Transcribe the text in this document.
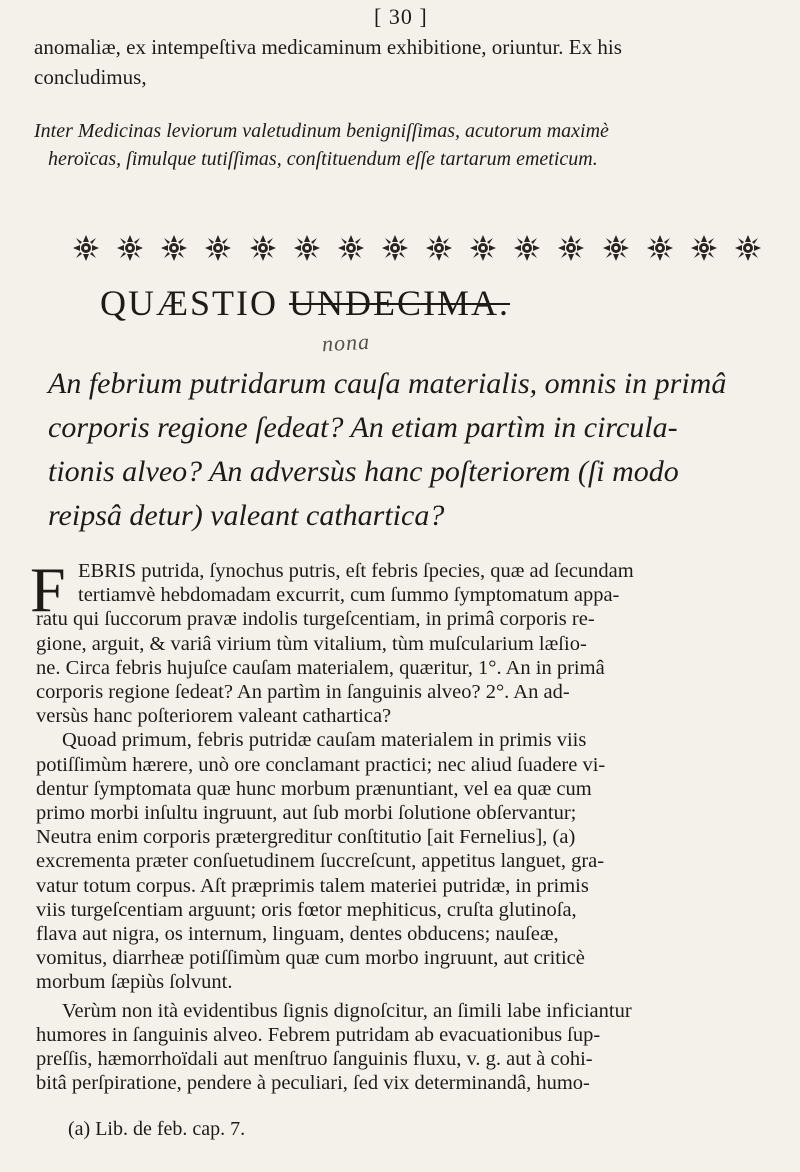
[ 30 ]
anomaliæ, ex intempeſtiva medicaminum exhibitione, oriuntur. Ex his
concludimus,
Inter Medicinas leviorum valetudinum benigniſſimas, acutorum maximè
heroïcas, ſimulque tutiſſimas, conſtituendum eſſe tartarum emeticum.
QUÆSTIO UNDECIMA.
nona
An febrium putridarum cauſa materialis, omnis in primâ
corporis regione ſedeat? An etiam partìm in circula-
tionis alveo? An adversùs hanc poſteriorem (ſi modo
reipsâ detur) valeant cathartica?
F EBRIS putrida, ſynochus putris, eſt febris ſpecies, quæ ad ſecundam
tertiamvè hebdomadam excurrit, cum ſummo ſymptomatum appa-
ratu qui ſuccorum pravæ indolis turgeſcentiam, in primâ corporis re-
gione, arguit, & variâ virium tùm vitalium, tùm muſcularium læſio-
ne. Circa febris hujuſce cauſam materialem, quæritur, 1°. An in primâ
corporis regione ſedeat? An partìm in ſanguinis alveo? 2°. An ad-
versùs hanc poſteriorem valeant cathartica?
Quoad primum, febris putridæ cauſam materialem in primis viis
potiſſimùm hærere, unò ore conclamant practici; nec aliud ſuadere vi-
dentur ſymptomata quæ hunc morbum prænuntiant, vel ea quæ cum
primo morbi inſultu ingruunt, aut ſub morbi ſolutione obſervantur;
Neutra enim corporis prætergreditur conſtitutio [ait Fernelius], (a)
excrementa præter conſuetudinem ſuccreſcunt, appetitus languet, gra-
vatur totum corpus. Aſt præprimis talem materiei putridæ, in primis
viis turgeſcentiam arguunt; oris fœtor mephiticus, cruſta glutinoſa,
flava aut nigra, os internum, linguam, dentes obducens; nauſeæ,
vomitus, diarrheæ potiſſimùm quæ cum morbo ingruunt, aut criticè
morbum ſæpiùs ſolvunt.
Verùm non ità evidentibus ſignis dignoſcitur, an ſimili labe inficiantur
humores in ſanguinis alveo. Febrem putridam ab evacuationibus ſup-
preſſis, hæmorrhoïdali aut menſtruo ſanguinis fluxu, v. g. aut à cohi-
bitâ perſpiratione, pendere à peculiari, ſed vix determinandâ, humo-
(a) Lib. de feb. cap. 7.
